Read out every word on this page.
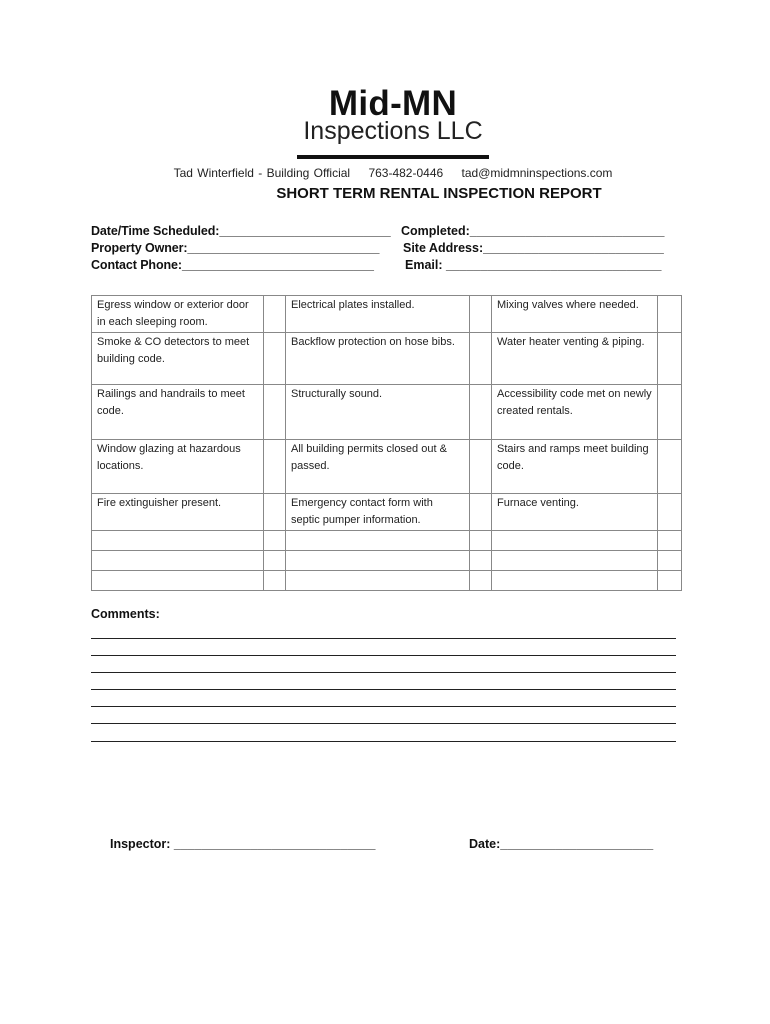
Mid-MN
Inspections LLC
Tad Winterfield - Building Official 763-482-0446 tad@midmninspections.com
SHORT TERM RENTAL INSPECTION REPORT
Date/Time Scheduled:_________________________ Completed:____________________________
Property Owner:____________________________ Site Address:__________________________
Contact Phone:____________________________ Email: _______________________________
Egress window or exterior door in each sleeping room.		Electrical plates installed.		Mixing valves where needed.	
Smoke & CO detectors to meet building code.		Backflow protection on hose bibs.		Water heater venting & piping.	
Railings and handrails to meet code.		Structurally sound.		Accessibility code met on newly created rentals.	
Window glazing at hazardous locations.		All building permits closed out & passed.		Stairs and ramps meet building code.	
Fire extinguisher present.		Emergency contact form with septic pumper information.		Furnace venting.	

Comments:
Inspector: _____________________________	Date:______________________
